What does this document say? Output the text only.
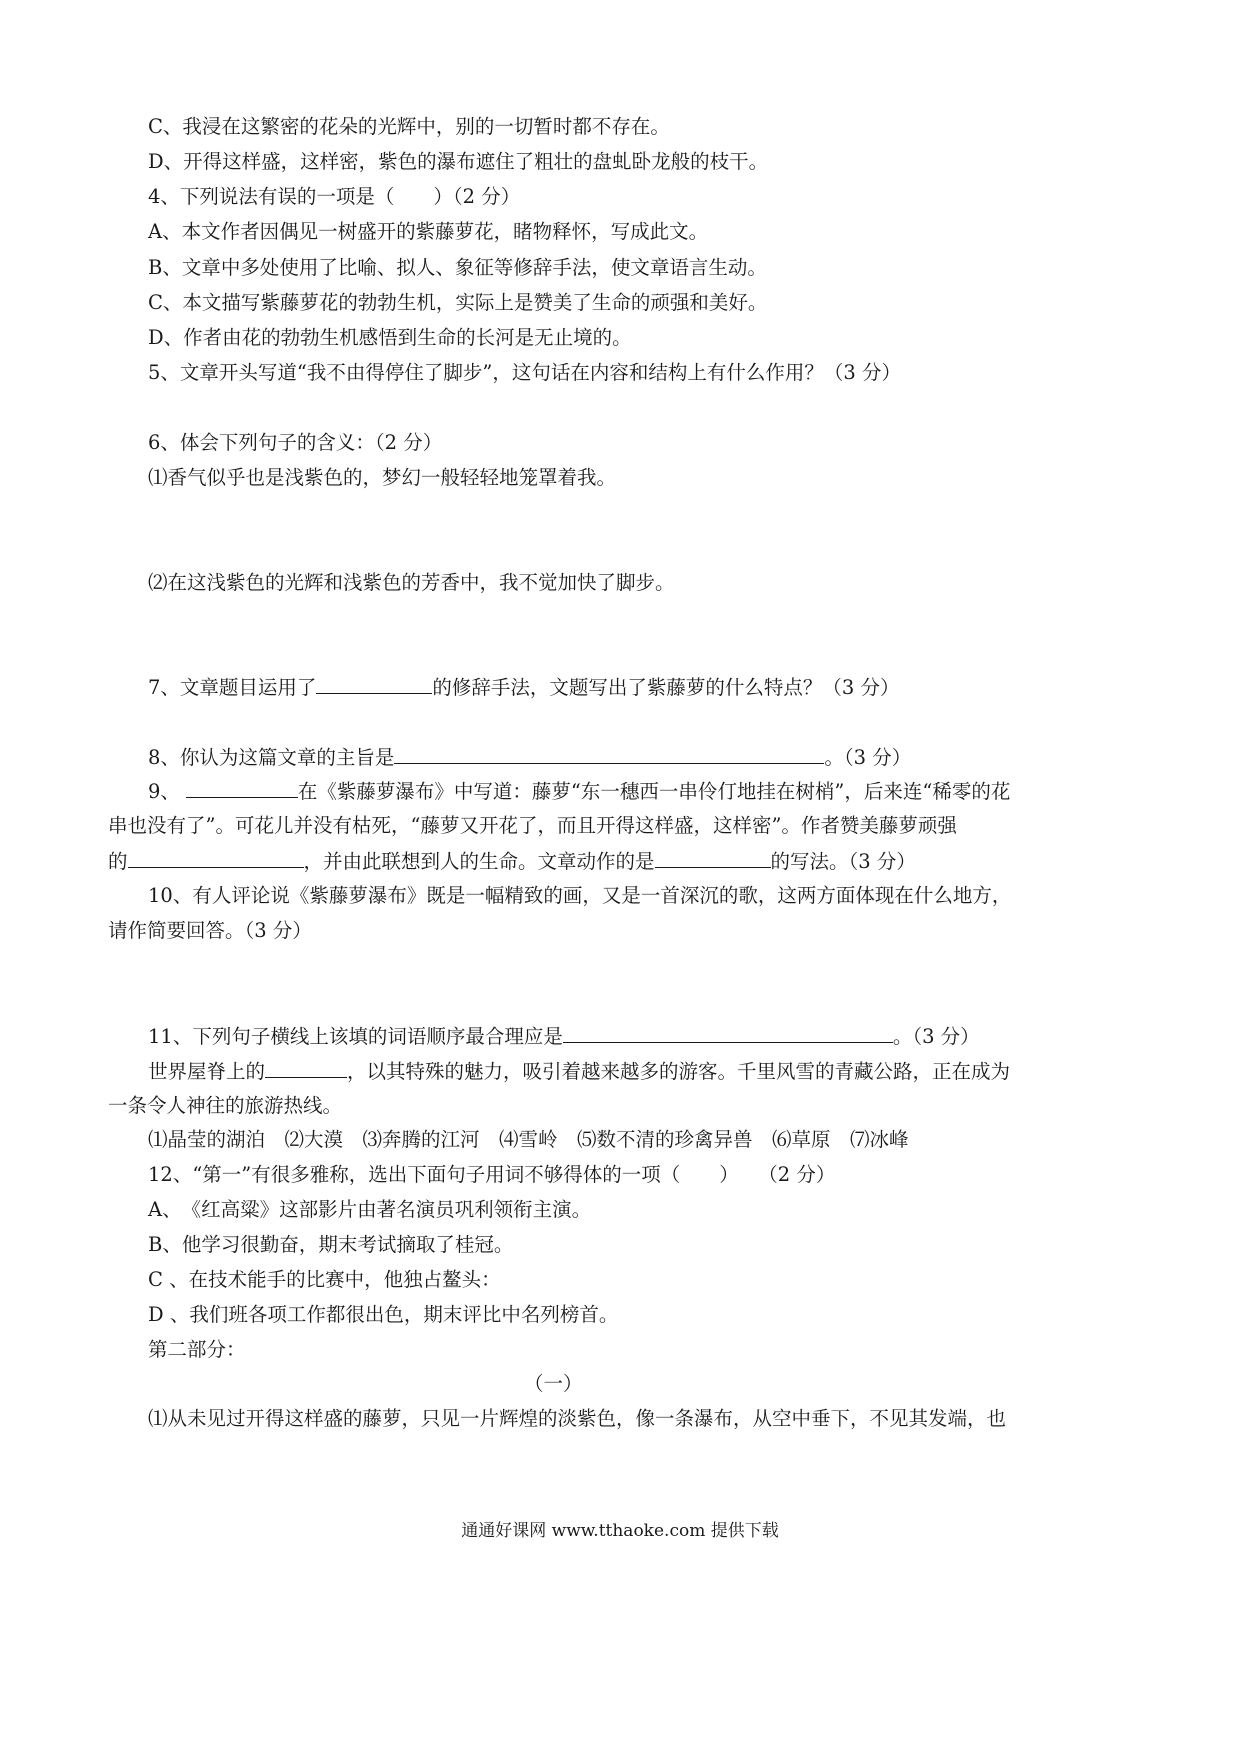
C、我浸在这繁密的花朵的光辉中，别的一切暂时都不存在。
D、开得这样盛，这样密，紫色的瀑布遮住了粗壮的盘虬卧龙般的枝干。
4、下列说法有误的一项是（　　）（2 分）
A、本文作者因偶见一树盛开的紫藤萝花，睹物释怀，写成此文。
B、文章中多处使用了比喻、拟人、象征等修辞手法，使文章语言生动。
C、本文描写紫藤萝花的勃勃生机，实际上是赞美了生命的顽强和美好。
D、作者由花的勃勃生机感悟到生命的长河是无止境的。
5、文章开头写道“我不由得停住了脚步”，这句话在内容和结构上有什么作用？（3 分）
6、体会下列句子的含义：（2 分）
⑴香气似乎也是浅紫色的，梦幻一般轻轻地笼罩着我。
⑵在这浅紫色的光辉和浅紫色的芳香中，我不觉加快了脚步。
7、文章题目运用了	的修辞手法，文题写出了紫藤萝的什么特点？（3 分）
8、你认为这篇文章的主旨是	。（3 分）
9、	在《紫藤萝瀑布》中写道：藤萝“东一穗西一串伶仃地挂在树梢”，后来连“稀零的花
串也没有了”。可花儿并没有枯死，“藤萝又开花了，而且开得这样盛，这样密”。作者赞美藤萝顽强
的	，并由此联想到人的生命。文章动作的是	的写法。（3 分）
10、有人评论说《紫藤萝瀑布》既是一幅精致的画，又是一首深沉的歌，这两方面体现在什么地方，
请作简要回答。（3 分）
11、下列句子横线上该填的词语顺序最合理应是	。（3 分）
世界屋脊上的	，以其特殊的魅力，吸引着越来越多的游客。千里风雪的青藏公路，正在成为
一条令人神往的旅游热线。
⑴晶莹的湖泊　⑵大漠　⑶奔腾的江河　⑷雪岭　⑸数不清的珍禽异兽　⑹草原　⑺冰峰
12、“第一”有很多雅称，选出下面句子用词不够得体的一项（　　）　　（2 分）
A、　《红高粱》这部影片由著名演员巩利领衔主演。
B、他学习很勤奋，期末考试摘取了桂冠。
C 、在技术能手的比赛中，他独占鳌头：
D 、我们班各项工作都很出色，期末评比中名列榜首。
第二部分：
（一）
⑴从未见过开得这样盛的藤萝，只见一片辉煌的淡紫色，像一条瀑布，从空中垂下，不见其发端，也
通通好课网 www.tthaoke.com 提供下载
